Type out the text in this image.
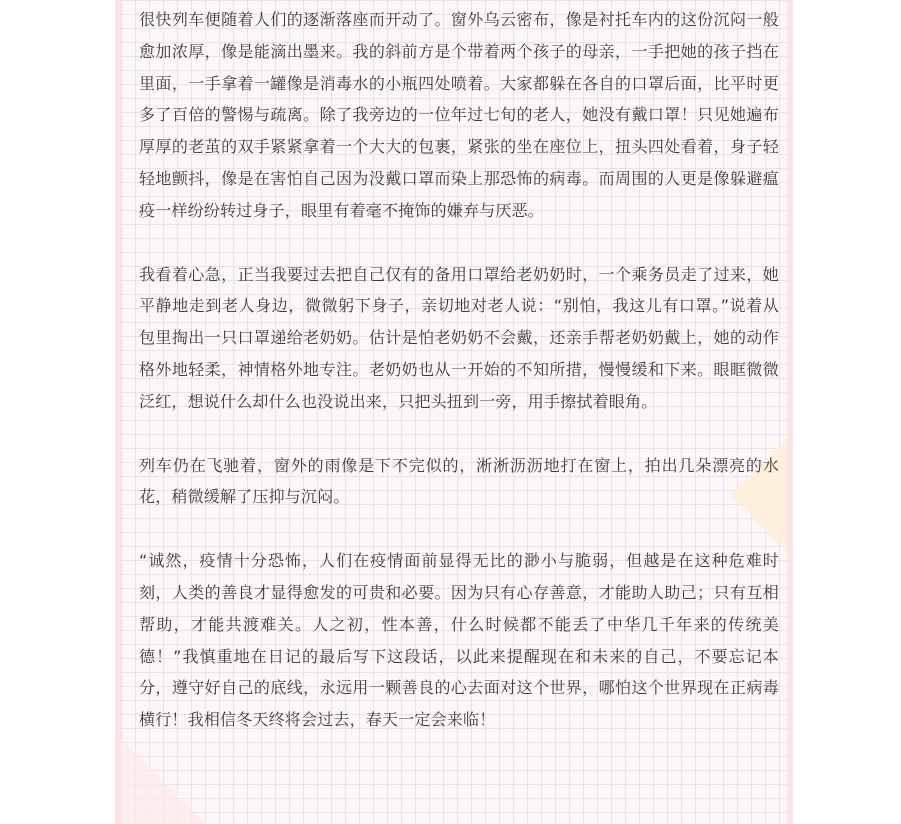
很快列车便随着人们的逐渐落座而开动了。窗外乌云密布，像是衬托车内的这份沉闷一般愈加浓厚，像是能滴出墨来。我的斜前方是个带着两个孩子的母亲，一手把她的孩子挡在里面，一手拿着一罐像是消毒水的小瓶四处喷着。大家都躲在各自的口罩后面，比平时更多了百倍的警惕与疏离。除了我旁边的一位年过七旬的老人，她没有戴口罩！只见她遍布厚厚的老茧的双手紧紧拿着一个大大的包裹，紧张的坐在座位上，扭头四处看着，身子轻轻地颤抖，像是在害怕自己因为没戴口罩而染上那恐怖的病毒。而周围的人更是像躲避瘟疫一样纷纷转过身子，眼里有着毫不掩饰的嫌弃与厌恶。

我看着心急，正当我要过去把自己仅有的备用口罩给老奶奶时，一个乘务员走了过来，她平静地走到老人身边，微微躬下身子，亲切地对老人说：“别怕，我这儿有口罩。”说着从包里掏出一只口罩递给老奶奶。估计是怕老奶奶不会戴，还亲手帮老奶奶戴上，她的动作格外地轻柔，神情格外地专注。老奶奶也从一开始的不知所措，慢慢缓和下来。眼眶微微泛红，想说什么却什么也没说出来，只把头扭到一旁，用手擦拭着眼角。

列车仍在飞驰着，窗外的雨像是下不完似的，淅淅沥沥地打在窗上，拍出几朵漂亮的水花，稍微缓解了压抑与沉闷。

“诚然，疫情十分恐怖，人们在疫情面前显得无比的渺小与脆弱，但越是在这种危难时刻，人类的善良才显得愈发的可贵和必要。因为只有心存善意，才能助人助己；只有互相帮助，才能共渡难关。人之初，性本善，什么时候都不能丢了中华几千年来的传统美德！”我慎重地在日记的最后写下这段话，以此来提醒现在和未来的自己，不要忘记本分，遵守好自己的底线，永远用一颗善良的心去面对这个世界，哪怕这个世界现在正病毒横行！我相信冬天终将会过去，春天一定会来临！
